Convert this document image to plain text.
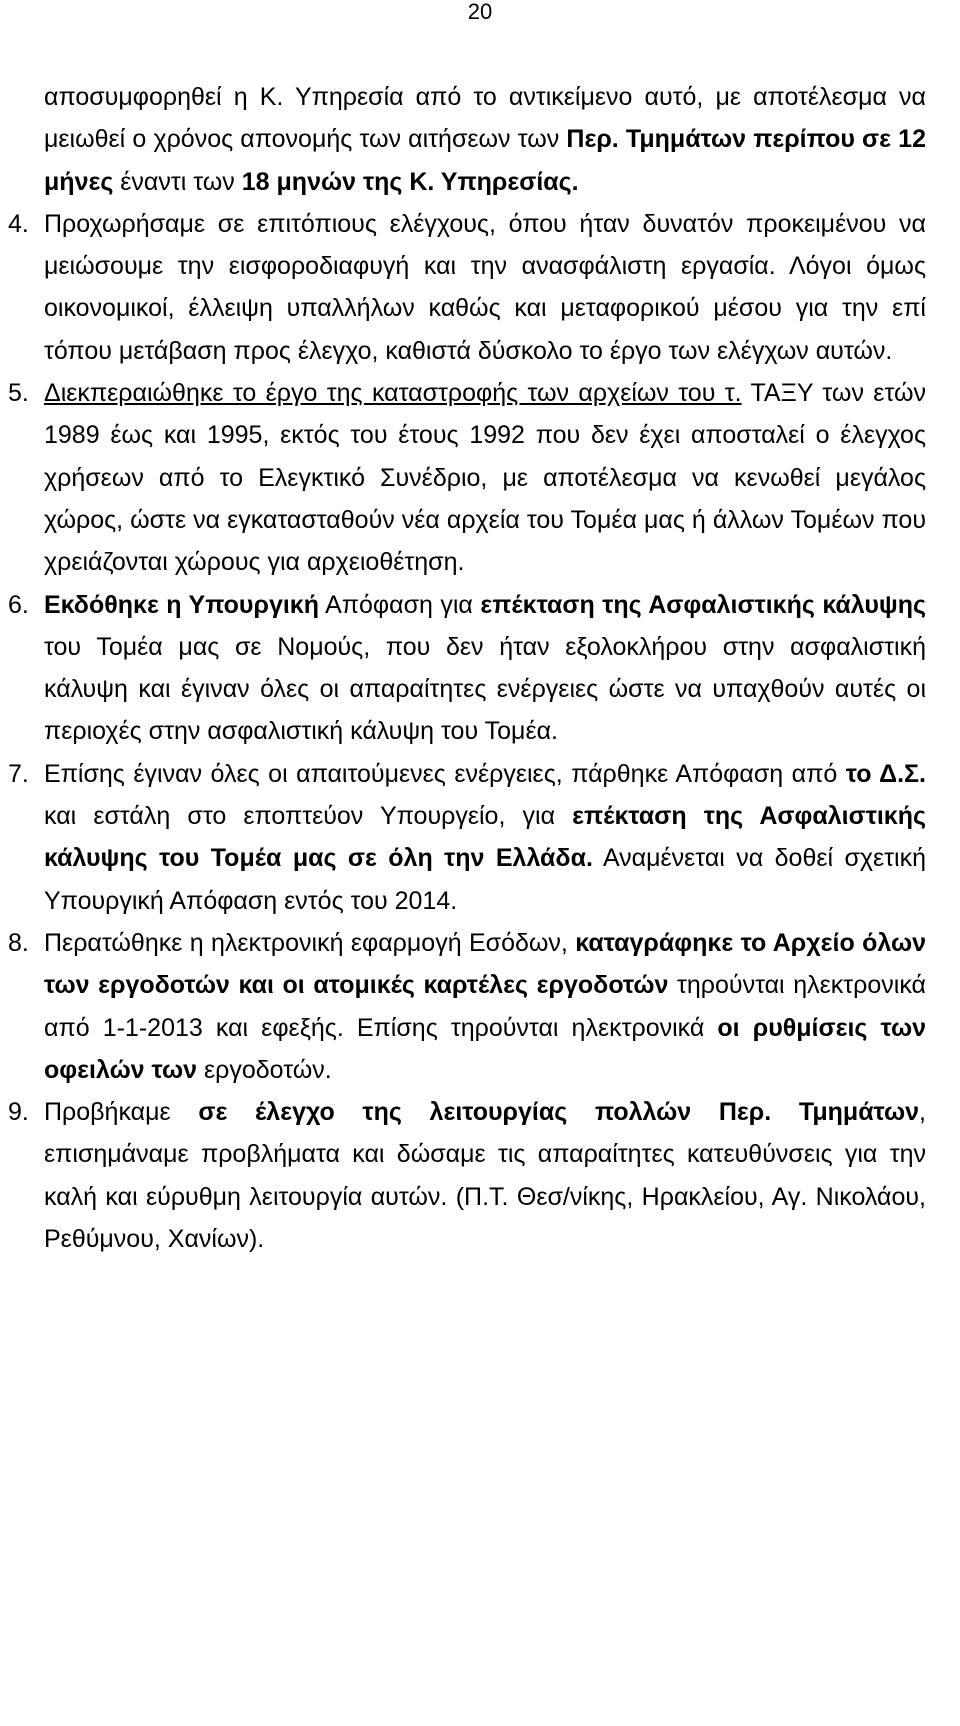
20

αποσυμφορηθεί η Κ. Υπηρεσία από το αντικείμενο αυτό, με αποτέλεσμα να μειωθεί ο χρόνος απονομής των αιτήσεων των Περ. Τμημάτων περίπου σε 12 μήνες έναντι των 18 μηνών της Κ. Υπηρεσίας.

4. Προχωρήσαμε σε επιτόπιους ελέγχους, όπου ήταν δυνατόν προκειμένου να μειώσουμε την εισφοροδιαφυγή και την ανασφάλιστη εργασία. Λόγοι όμως οικονομικοί, έλλειψη υπαλλήλων καθώς και μεταφορικού μέσου για την επί τόπου μετάβαση προς έλεγχο, καθιστά δύσκολο το έργο των ελέγχων αυτών.

5. Διεκπεραιώθηκε το έργο της καταστροφής των αρχείων του τ. ΤΑΞΥ των ετών 1989 έως και 1995, εκτός του έτους 1992 που δεν έχει αποσταλεί ο έλεγχος χρήσεων από το Ελεγκτικό Συνέδριο, με αποτέλεσμα να κενωθεί μεγάλος χώρος, ώστε να εγκατασταθούν νέα αρχεία του Τομέα μας ή άλλων Τομέων που χρειάζονται χώρους για αρχειοθέτηση.

6. Εκδόθηκε η Υπουργική Απόφαση για επέκταση της Ασφαλιστικής κάλυψης του Τομέα μας σε Νομούς, που δεν ήταν εξολοκλήρου στην ασφαλιστική κάλυψη και έγιναν όλες οι απαραίτητες ενέργειες ώστε να υπαχθούν αυτές οι περιοχές στην ασφαλιστική κάλυψη του Τομέα.

7. Επίσης έγιναν όλες οι απαιτούμενες ενέργειες, πάρθηκε Απόφαση από το Δ.Σ. και εστάλη στο εποπτεύον Υπουργείο, για επέκταση της Ασφαλιστικής κάλυψης του Τομέα μας σε όλη την Ελλάδα. Αναμένεται να δοθεί σχετική Υπουργική Απόφαση εντός του 2014.

8. Περατώθηκε η ηλεκτρονική εφαρμογή Εσόδων, καταγράφηκε το Αρχείο όλων των εργοδοτών και οι ατομικές καρτέλες εργοδοτών τηρούνται ηλεκτρονικά από 1-1-2013 και εφεξής. Επίσης τηρούνται ηλεκτρονικά οι ρυθμίσεις των οφειλών των εργοδοτών.

9. Προβήκαμε σε έλεγχο της λειτουργίας πολλών Περ. Τμημάτων, επισημάναμε προβλήματα και δώσαμε τις απαραίτητες κατευθύνσεις για την καλή και εύρυθμη λειτουργία αυτών. (Π.Τ. Θεσ/νίκης, Ηρακλείου, Αγ. Νικολάου, Ρεθύμνου, Χανίων).
